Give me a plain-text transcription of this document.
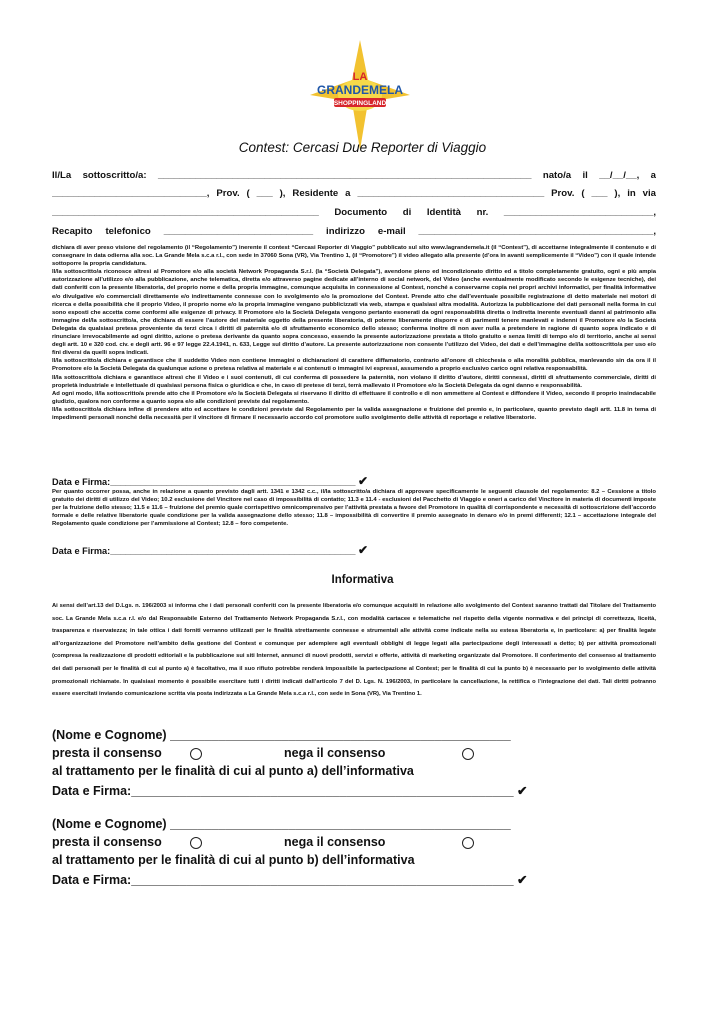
LA
GRANDEMELA
SHOPPINGLAND
Contest: Cercasi Due Reporter di Viaggio
Il/La sottoscritto/a: ______________________________________________________________________ nato/a il __/__/__, a
_____________________________, Prov. ( ___ ), Residente a ___________________________________ Prov. ( ___ ), in via
__________________________________________________ Documento di Identità nr. ____________________________,
Recapito telefonico ____________________________ indirizzo e-mail ____________________________________________,

dichiara di aver preso visione del regolamento (il “Regolamento”) inerente il contest “Cercasi Reporter di Viaggio” pubblicato sul sito www.lagrandemela.it (il “Contest”), di accettarne integralmente il contenuto e di consegnare in data odierna alla soc. La Grande Mela s.c.a r.l., con sede in 37060 Sona (VR), Via Trentino 1, (il “Promotore”) il video allegato alla presente (d’ora in avanti semplicemente il “Video”) con il quale intende sottoporre la propria candidatura.

Il/la sottoscritto/a riconosce altresì al Promotore e/o alla società Network Propaganda S.r.l. (la “Società Delegata”), avendone pieno ed incondizionato diritto ed a titolo completamente gratuito, ogni e più ampia autorizzazione all’utilizzo e/o alla pubblicazione, anche telematica, diretta e/o attraverso pagine dedicate all’interno di social network, del Video (anche eventualmente modificato secondo le esigenze tecniche), dei dati conferiti con la presente liberatoria, del proprio nome e della propria immagine, comunque acquisita in connessione al Contest, nonché a conservarne copia nei propri archivi informatici, per finalità informative e/o divulgative e/o commerciali direttamente e/o indirettamente connesse con lo svolgimento e/o la promozione del Contest. Prende atto che dall’eventuale possibile registrazione di detto materiale nei motori di ricerca e della possibilità che il proprio Video, il proprio nome e/o la propria immagine vengano pubblicizzati via web, stampa e qualsiasi altra modalità. Autorizza la pubblicazione dei dati personali nella forma in cui sono esposti che accetta come conformi alle esigenze di privacy. Il Promotore e/o la Società Delegata vengono pertanto esonerati da ogni responsabilità diretta o indiretta inerente eventuali danni al patrimonio alla immagine del/la sottoscritto/a, che dichiara di essere l’autore del materiale oggetto della presente liberatoria, di poterne liberamente disporre e di parimenti tenere manlevati e indenni il Promotore e/o la Società Delegata da qualsiasi pretesa proveniente da terzi circa i diritti di paternità e/o di sfruttamento economico dello stesso; conferma inoltre di non aver nulla a pretendere in ragione di quanto sopra indicato e di rinunciare irrevocabilmente ad ogni diritto, azione o pretesa derivante da quanto sopra concesso, essendo la presente autorizzazione prestata a titolo gratuito e senza limiti di tempo e/o di territorio, anche ai sensi degli artt. 10 e 320 cod. civ. e degli artt. 96 e 97 legge 22.4.1941, n. 633, Legge sul diritto d’autore. La presente autorizzazione non consente l’utilizzo del Video, dei dati e dell’immagine del/la sottoscritto/a per uso e/o fini diversi da quelli sopra indicati.

Il/la sottoscritto/a dichiara e garantisce che il suddetto Video non contiene immagini o dichiarazioni di carattere diffamatorio, contrario all’onore di chicchesia o alla moralità pubblica, manlevando sin da ora il il Promotore e/o la Società Delegata da qualunque azione o pretesa relativa al materiale e ai contenuti o immagini ivi espressi, assumendo a proprio esclusivo carico ogni relativa responsabilità.

Il/la sottoscritto/a dichiara e garantisce altresì che il Video e i suoi contenuti, di cui conferma di possedere la paternità, non violano il diritto d’autore, diritti connessi, diritti di sfruttamento commerciale, diritti di proprietà industriale e intellettuale di qualsiasi persona fisica o giuridica e che, in caso di pretese di terzi, terrà mallevato il Promotore e/o la Società Delegata da ogni danno e responsabilità.

Ad ogni modo, il/la sottoscritto/a prende atto che il Promotore e/o la Società Delegata si riservano il diritto di effettuare il controllo e di non ammettere al Contest e diffondere il Video, secondo il proprio insindacabile giudizio, qualora non conforme a quanto sopra e/o alle condizioni previste dal regolamento.

Il/la sottoscritto/a dichiara infine di prendere atto ed accettare le condizioni previste dal Regolamento per la valida assegnazione e fruizione del premio e, in particolare, quanto previsto dagli artt. 11.8 in tema di impedimenti personali nonché della necessità per il vincitore di firmare il necessario accordo col promotore sullo svolgimento delle attività di reportage e relative liberatorie.

Data e Firma:________________________________________________ ✔
Per quanto occorrer possa, anche in relazione a quanto previsto dagli artt. 1341 e 1342 c.c., il/la sottoscritto/a dichiara di approvare specificamente le seguenti clausole del regolamento: 8.2 – Cessione a titolo gratuito dei diritti di utilizzo del Video; 10.2 esclusione del Vincitore nel caso di impossibilità di contatto; 11.3 e 11.4 - esclusioni del Pacchetto di Viaggio e oneri a carico del Vincitore in materia di documenti imposte per la fruizione dello stesso; 11.5 e 11.6 – fruizione del premio quale corrispettivo omnicomprensivo per l’attività prestata a favore del Promotore in qualità di corrispondente e necessità di sottoscrizione dell’accordo formale e delle relative liberatorie quale condizione per la valida assegnazione dello stesso; 11.8 – impossibilità di convertire il premio assegnato in denaro e/o in premi differenti; 12.1 – accettazione integrale del Regolamento quale condizione per l’ammissione al Contest; 12.8 – foro competente.
Data e Firma:________________________________________________ ✔
Informativa
Ai sensi dell’art.13 del D.Lgs. n. 196/2003 si informa che i dati personali conferiti con la presente liberatoria e/o comunque acquisiti in relazione allo svolgimento del Contest saranno trattati dal Titolare del Trattamento soc. La Grande Mela s.c.a r.l. e/o dal Responsabile Esterno del Trattamento Network Propaganda S.r.l., con modalità cartacee e telematiche nel rispetto della vigente normativa e dei principi di correttezza, liceità, trasparenza e riservatezza; in tale ottica i dati forniti verranno utilizzati per le finalità strettamente connesse e strumentali alle attività come indicate nella su estesa liberatoria e, in particolare: a) per finalità legate all’organizzazione del Promotore nell’ambito della gestione del Contest e comunque per adempiere agli eventuali obblighi di legge legati alla partecipazione degli interessati a detto; b) per attività promozionali (compresa la realizzazione di prodotti editoriali e la pubblicazione sui siti Internet, annunci di nuovi prodotti, servizi e offerte, attività di marketing organizzate dal Promotore. Il conferimento del consenso al trattamento dei dati personali per le finalità di cui al punto a) è facoltativo, ma il suo rifiuto potrebbe renderà impossibile la partecipazione al Contest; per le finalità di cui la punto b) è necessario per lo svolgimento delle attività promozionali richiamate. In qualsiasi momento è possibile esercitare tutti i diritti indicati dall’articolo 7 del D. Lgs. N. 196/2003, in particolare la cancellazione, la rettifica o l’integrazione dei dati. Tali diritti potranno essere esercitati inviando comunicazione scritta via posta indirizzata a La Grande Mela s.c.a r.l., con sede in Sona (VR), Via Trentino 1.
(Nome e Cognome) _________________________________________________
presta il consenso	nega il consenso
al trattamento per le finalità di cui al punto a) dell’informativa
Data e Firma:_______________________________________________________ ✔
(Nome e Cognome) _________________________________________________
presta il consenso	nega il consenso
al trattamento per le finalità di cui al punto b) dell’informativa
Data e Firma:_______________________________________________________ ✔
